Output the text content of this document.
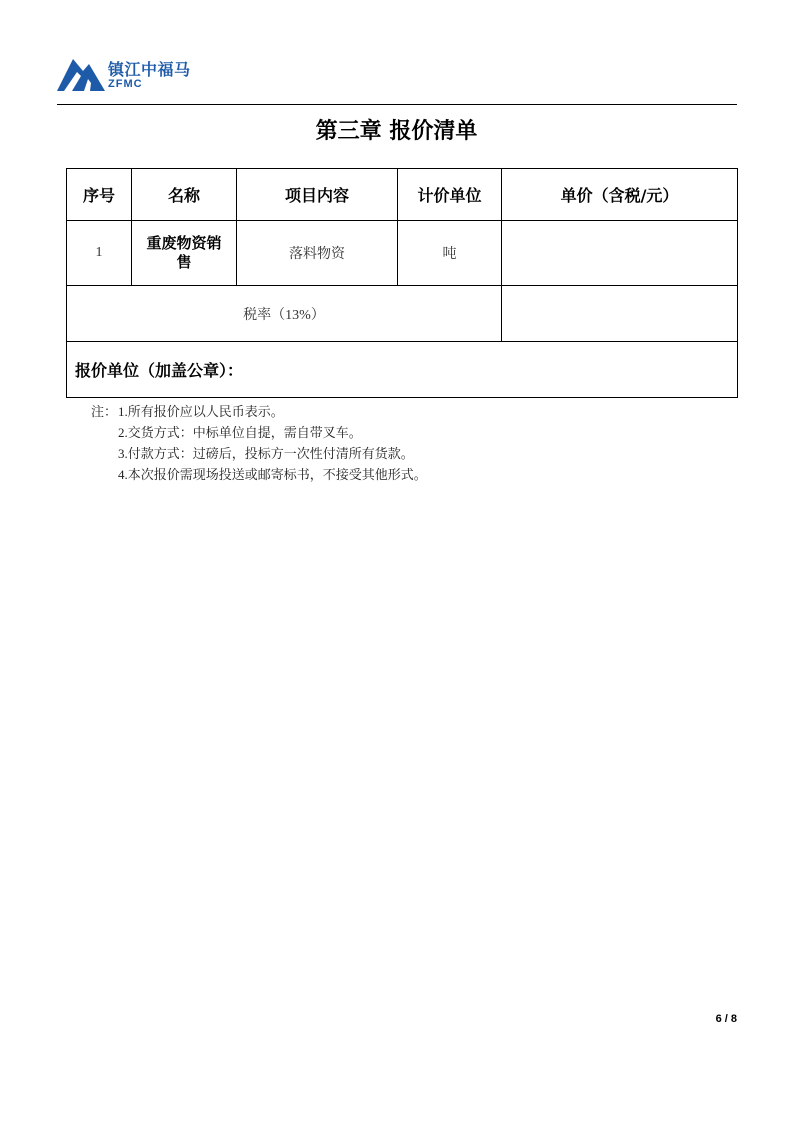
镇江中福马
ZFMC
第三章 报价清单
序号	名称	项目内容	计价单位	单价（含税/元）
1	重废物资销售	落料物资	吨	
税率（13%）				
报价单位（加盖公章）：				
注： 1.所有报价应以人民币表示。
2.交货方式：中标单位自提，需自带叉车。
3.付款方式：过磅后，投标方一次性付清所有货款。
4.本次报价需现场投送或邮寄标书，不接受其他形式。
6 / 8
